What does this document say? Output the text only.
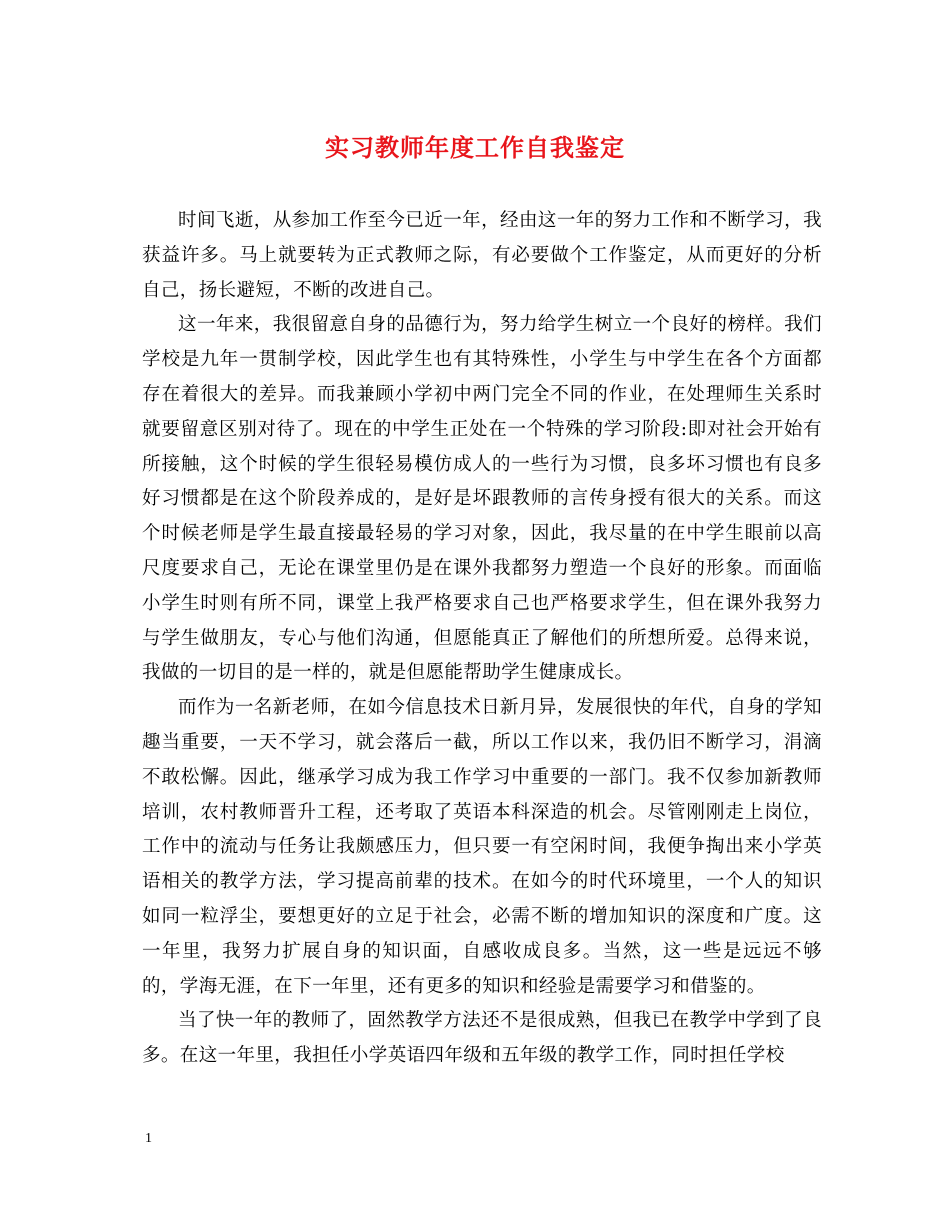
实习教师年度工作自我鉴定

时间飞逝，从参加工作至今已近一年，经由这一年的努力工作和不断学习，我获益许多。马上就要转为正式教师之际，有必要做个工作鉴定，从而更好的分析自己，扬长避短，不断的改进自己。

这一年来，我很留意自身的品德行为，努力给学生树立一个良好的榜样。我们学校是九年一贯制学校，因此学生也有其特殊性，小学生与中学生在各个方面都存在着很大的差异。而我兼顾小学初中两门完全不同的作业，在处理师生关系时就要留意区别对待了。现在的中学生正处在一个特殊的学习阶段:即对社会开始有所接触，这个时候的学生很轻易模仿成人的一些行为习惯，良多坏习惯也有良多好习惯都是在这个阶段养成的，是好是坏跟教师的言传身授有很大的关系。而这个时候老师是学生最直接最轻易的学习对象，因此，我尽量的在中学生眼前以高尺度要求自己，无论在课堂里仍是在课外我都努力塑造一个良好的形象。而面临小学生时则有所不同，课堂上我严格要求自己也严格要求学生，但在课外我努力与学生做朋友，专心与他们沟通，但愿能真正了解他们的所想所爱。总得来说，我做的一切目的是一样的，就是但愿能帮助学生健康成长。

而作为一名新老师，在如今信息技术日新月异，发展很快的年代，自身的学知趣当重要，一天不学习，就会落后一截，所以工作以来，我仍旧不断学习，涓滴不敢松懈。因此，继承学习成为我工作学习中重要的一部门。我不仅参加新教师培训，农村教师晋升工程，还考取了英语本科深造的机会。尽管刚刚走上岗位，工作中的流动与任务让我颇感压力，但只要一有空闲时间，我便争掏出来小学英语相关的教学方法，学习提高前辈的技术。在如今的时代环境里，一个人的知识如同一粒浮尘，要想更好的立足于社会，必需不断的增加知识的深度和广度。这一年里，我努力扩展自身的知识面，自感收成良多。当然，这一些是远远不够的，学海无涯，在下一年里，还有更多的知识和经验是需要学习和借鉴的。

当了快一年的教师了，固然教学方法还不是很成熟，但我已在教学中学到了良多。在这一年里，我担任小学英语四年级和五年级的教学工作，同时担任学校

1
